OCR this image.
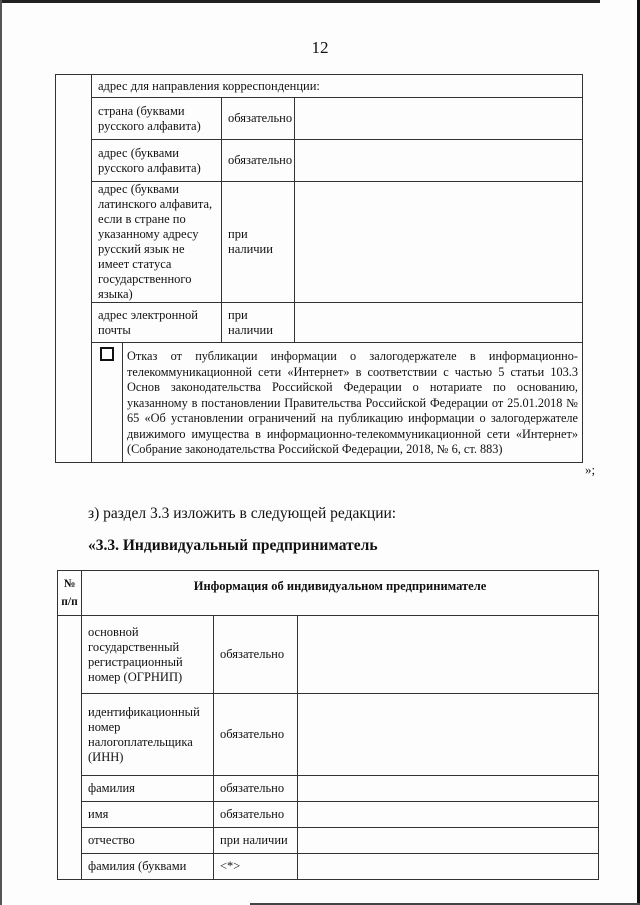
12
	адрес для направления корреспонденции:
страна (буквами русского алфавита)	обязательно	
адрес (буквами русского алфавита)	обязательно	
адрес (буквами латинского алфавита, если в стране по указанному адресу русский язык не имеет статуса государственного языка)	при наличии	
адрес электронной почты	при наличии	

	Отказ от публикации информации о залогодержателе в информационно-телекоммуникационной сети «Интернет» в соответствии с частью 5 статьи 103.3 Основ законодательства Российской Федерации о нотариате по основанию, указанному в постановлении Правительства Российской Федерации от 25.01.2018 № 65 «Об установлении ограничений на публикацию информации о залогодержателе движимого имущества в информационно-телекоммуникационной сети «Интернет» (Собрание законодательства Российской Федерации, 2018, № 6, ст. 883)
»;
з) раздел 3.3 изложить в следующей редакции:
«3.3. Индивидуальный предприниматель
№ п/п	Информация об индивидуальном предпринимателе		
	основной государственный регистрационный номер (ОГРНИП)	обязательно	
	идентификационный номер налогоплательщика (ИНН)	обязательно	
	фамилия	обязательно	
	имя	обязательно	
	отчество	при наличии	
	фамилия (буквами	<*>	
